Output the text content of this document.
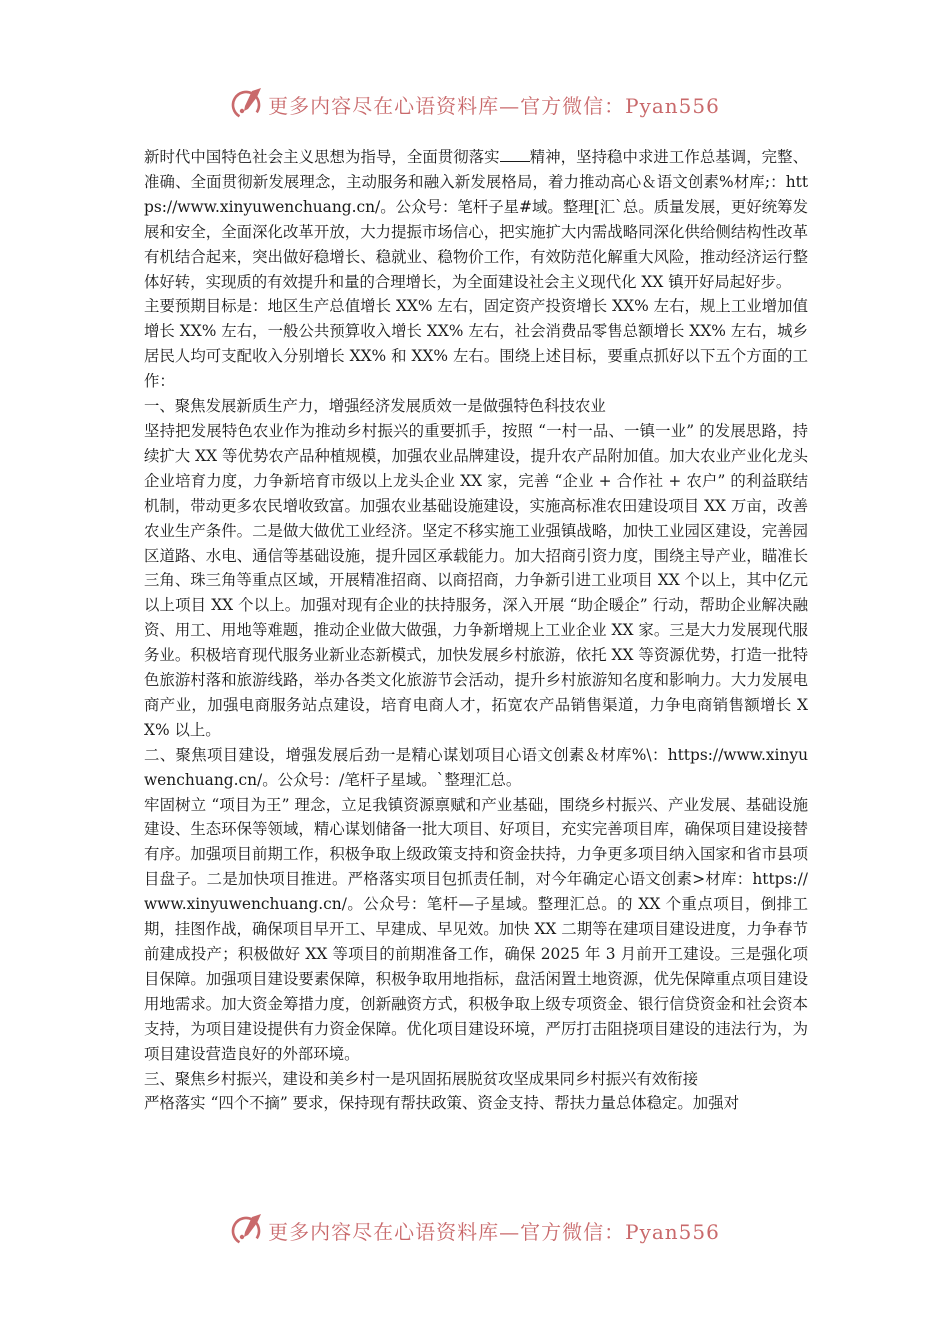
更多内容尽在心语资料库—官方微信：Pyan556

新时代中国特色社会主义思想为指导，全面贯彻落实 精神，坚持稳中求进工作总基调，完整、准确、全面贯彻新发展理念，主动服务和融入新发展格局，着力推动高心＆语文创素%材库;：https://www.xinyuwenchuang.cn/。公众号：笔杆子星#域。整理[汇`总。质量发展，更好统筹发展和安全，全面深化改革开放，大力提振市场信心，把实施扩大内需战略同深化供给侧结构性改革有机结合起来，突出做好稳增长、稳就业、稳物价工作，有效防范化解重大风险，推动经济运行整体好转，实现质的有效提升和量的合理增长，为全面建设社会主义现代化 XX 镇开好局起好步。

主要预期目标是：地区生产总值增长 XX% 左右，固定资产投资增长 XX% 左右，规上工业增加值增长 XX% 左右，一般公共预算收入增长 XX% 左右，社会消费品零售总额增长 XX% 左右，城乡居民人均可支配收入分别增长 XX% 和 XX% 左右。围绕上述目标，要重点抓好以下五个方面的工作：

一、聚焦发展新质生产力，增强经济发展质效一是做强特色科技农业

坚持把发展特色农业作为推动乡村振兴的重要抓手，按照 “一村一品、一镇一业” 的发展思路，持续扩大 XX 等优势农产品种植规模，加强农业品牌建设，提升农产品附加值。加大农业产业化龙头企业培育力度，力争新培育市级以上龙头企业 XX 家，完善 “企业 + 合作社 + 农户” 的利益联结机制，带动更多农民增收致富。加强农业基础设施建设，实施高标准农田建设项目 XX 万亩，改善农业生产条件。二是做大做优工业经济。坚定不移实施工业强镇战略，加快工业园区建设，完善园区道路、水电、通信等基础设施，提升园区承载能力。加大招商引资力度，围绕主导产业，瞄准长三角、珠三角等重点区域，开展精准招商、以商招商，力争新引进工业项目 XX 个以上，其中亿元以上项目 XX 个以上。加强对现有企业的扶持服务，深入开展 “助企暖企” 行动，帮助企业解决融资、用工、用地等难题，推动企业做大做强，力争新增规上工业企业 XX 家。三是大力发展现代服务业。积极培育现代服务业新业态新模式，加快发展乡村旅游，依托 XX 等资源优势，打造一批特色旅游村落和旅游线路，举办各类文化旅游节会活动，提升乡村旅游知名度和影响力。大力发展电商产业，加强电商服务站点建设，培育电商人才，拓宽农产品销售渠道，力争电商销售额增长 XX% 以上。

二、聚焦项目建设，增强发展后劲一是精心谋划项目心语文创素＆材库%\：https://www.xinyuwenchuang.cn/。公众号：/笔杆子星域。`整理汇总。

牢固树立 “项目为王” 理念，立足我镇资源禀赋和产业基础，围绕乡村振兴、产业发展、基础设施建设、生态环保等领域，精心谋划储备一批大项目、好项目，充实完善项目库，确保项目建设接替有序。加强项目前期工作，积极争取上级政策支持和资金扶持，力争更多项目纳入国家和省市县项目盘子。二是加快项目推进。严格落实项目包抓责任制，对今年确定心语文创素>材库：https://www.xinyuwenchuang.cn/。公众号：笔杆—子星域。整理汇总。的 XX 个重点项目，倒排工期，挂图作战，确保项目早开工、早建成、早见效。加快 XX 二期等在建项目建设进度，力争春节前建成投产；积极做好 XX 等项目的前期准备工作，确保 2025 年 3 月前开工建设。三是强化项目保障。加强项目建设要素保障，积极争取用地指标，盘活闲置土地资源，优先保障重点项目建设用地需求。加大资金筹措力度，创新融资方式，积极争取上级专项资金、银行信贷资金和社会资本支持，为项目建设提供有力资金保障。优化项目建设环境，严厉打击阻挠项目建设的违法行为，为项目建设营造良好的外部环境。

三、聚焦乡村振兴，建设和美乡村一是巩固拓展脱贫攻坚成果同乡村振兴有效衔接

严格落实 “四个不摘” 要求，保持现有帮扶政策、资金支持、帮扶力量总体稳定。加强对

更多内容尽在心语资料库—官方微信：Pyan556
